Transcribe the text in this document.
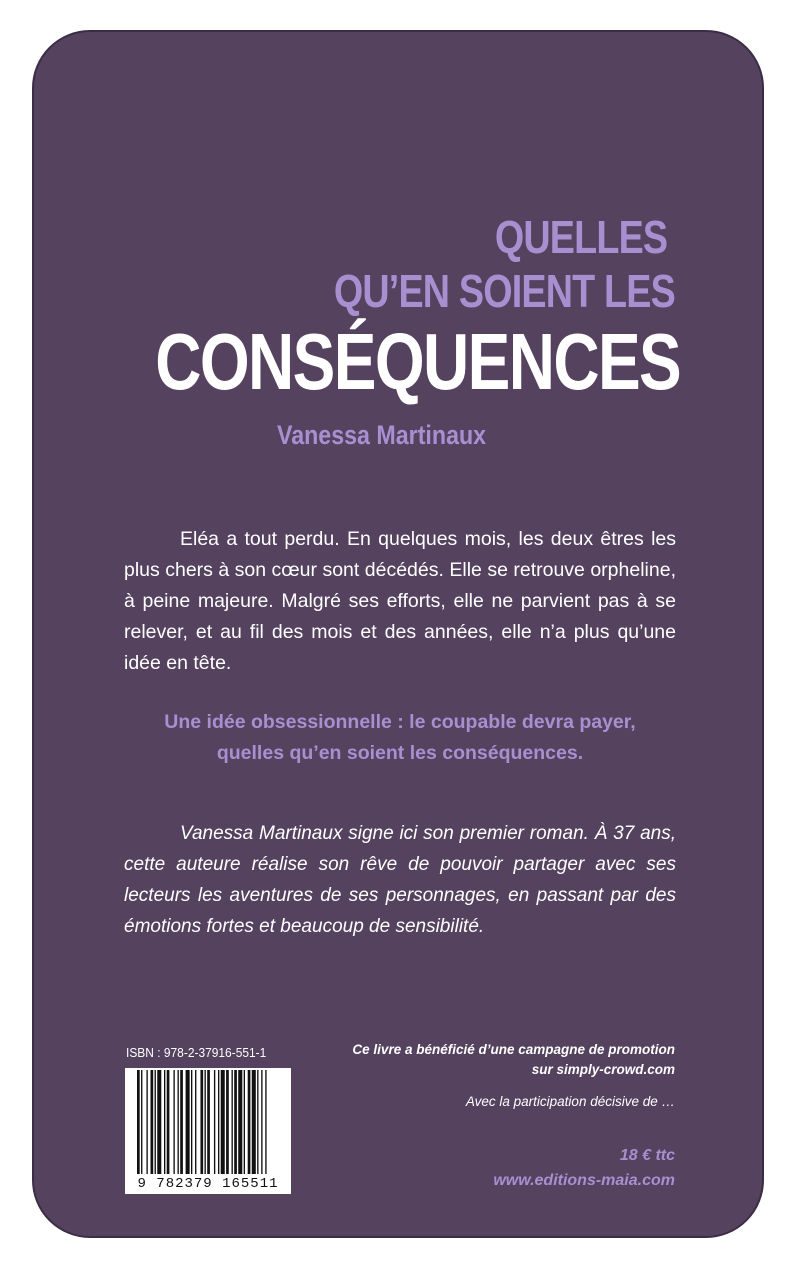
QUELLES

QU’EN SOIENT LES

CONSÉQUENCES

Vanessa Martinaux

Eléa a tout perdu. En quelques mois, les deux êtres les plus chers à son cœur sont décédés. Elle se retrouve orpheline, à peine majeure. Malgré ses efforts, elle ne parvient pas à se relever, et au fil des mois et des années, elle n’a plus qu’une idée en tête.

Une idée obsessionnelle : le coupable devra payer,
quelles qu’en soient les conséquences.

Vanessa Martinaux signe ici son premier roman. À 37 ans, cette auteure réalise son rêve de pouvoir partager avec ses lecteurs les aventures de ses personnages, en passant par des émotions fortes et beaucoup de sensibilité.

ISBN : 978-2-37916-551-1

9 782379 165511

Ce livre a bénéficié d’une campagne de promotion
sur simply-crowd.com

Avec la participation décisive de …

18 € ttc

www.editions-maia.com
